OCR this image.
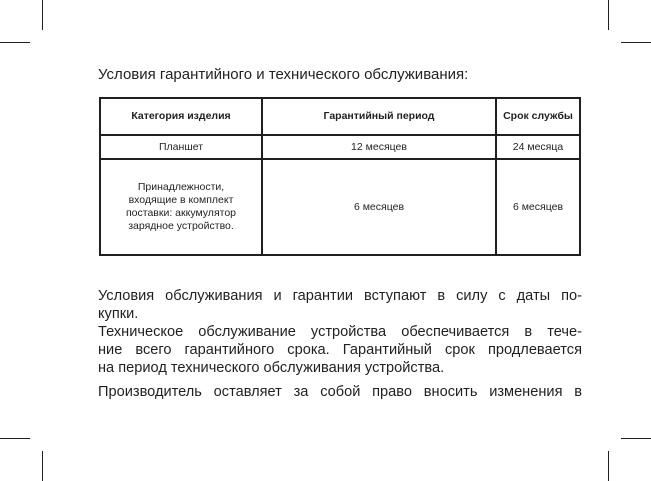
Условия гарантийного и технического обслуживания:
Категория изделия	Гарантийный период	Срок службы
Планшет	12 месяцев	24 месяца
Принадлежности, входящие в комплект поставки: аккумулятор зарядное устройство.	6 месяцев	6 месяцев
Условия обслуживания и гарантии вступают в силу с даты по-
купки.
Техническое обслуживание устройства обеспечивается в тече-
ние всего гарантийного срока. Гарантийный срок продлевается
на период технического обслуживания устройства.
Производитель оставляет за собой право вносить изменения в
